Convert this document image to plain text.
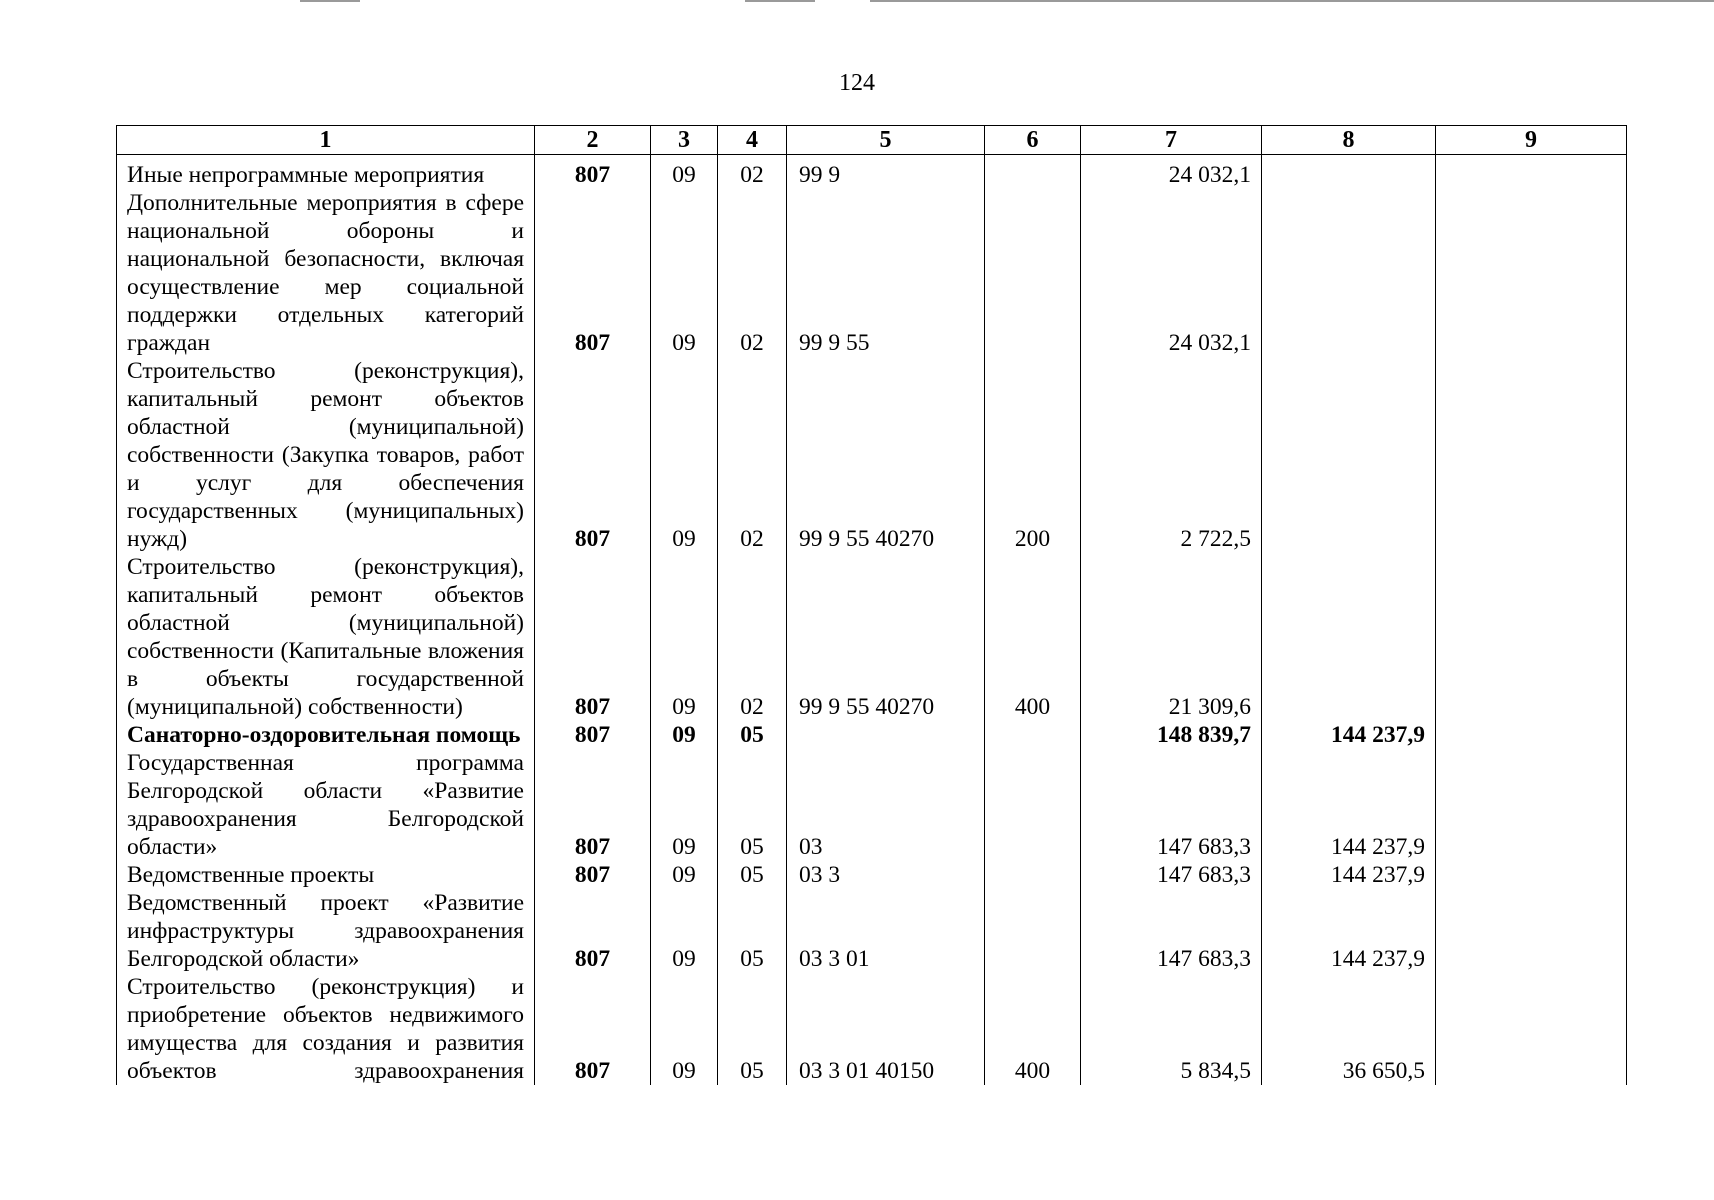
124
1	2	3	4	5	6	7	8	9
Иные непрограммные мероприятия	807	09	02	99 9		24 032,1		
Дополнительные мероприятия в сфере национальной обороны и национальной безопасности, включая осуществление мер социальной поддержки отдельных категорий граждан	807	09	02	99 9 55		24 032,1		
Строительство (реконструкция), капитальный ремонт объектов областной (муниципальной) собственности (Закупка товаров, работ и услуг для обеспечения государственных (муниципальных) нужд)	807	09	02	99 9 55 40270	200	2 722,5		
Строительство (реконструкция), капитальный ремонт объектов областной (муниципальной) собственности (Капитальные вложения в объекты государственной (муниципальной) собственности)	807	09	02	99 9 55 40270	400	21 309,6		
Санаторно-оздоровительная помощь	807	09	05			148 839,7	144 237,9	
Государственная программа Белгородской области «Развитие здравоохранения Белгородской области»	807	09	05	03		147 683,3	144 237,9	
Ведомственные проекты	807	09	05	03 3		147 683,3	144 237,9	
Ведомственный проект «Развитие инфраструктуры здравоохранения Белгородской области»	807	09	05	03 3 01		147 683,3	144 237,9	
Строительство (реконструкция) и приобретение объектов недвижимого имущества для создания и развития объектов здравоохранения	807	09	05	03 3 01 40150	400	5 834,5	36 650,5	
